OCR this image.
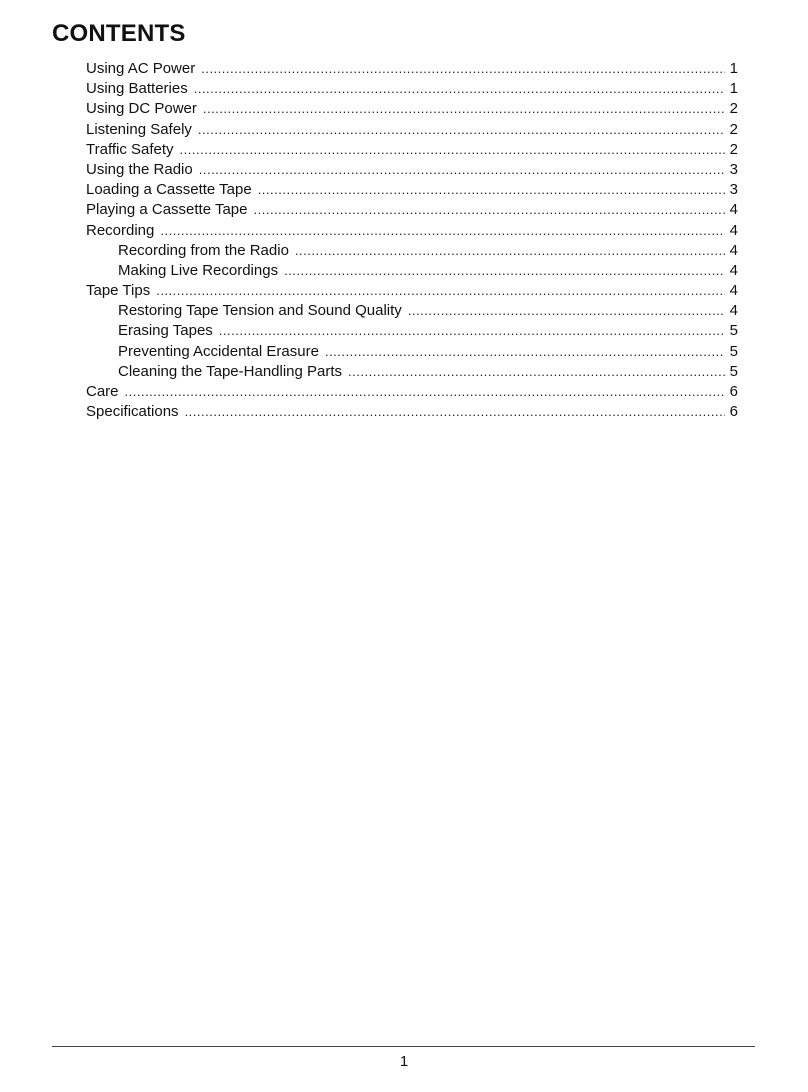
CONTENTS
Using AC Power .....	1
Using Batteries .....	1
Using DC Power .....	2
Listening Safely .....	2
Traffic Safety .....	2
Using the Radio .....	3
Loading a Cassette Tape .....	3
Playing a Cassette Tape .....	4
Recording .....	4
Recording from the Radio .....	4
Making Live Recordings .....	4
Tape Tips .....	4
Restoring Tape Tension and Sound Quality .....	4
Erasing Tapes .....	5
Preventing Accidental Erasure .....	5
Cleaning the Tape-Handling Parts .....	5
Care .....	6
Specifications .....	6
1
